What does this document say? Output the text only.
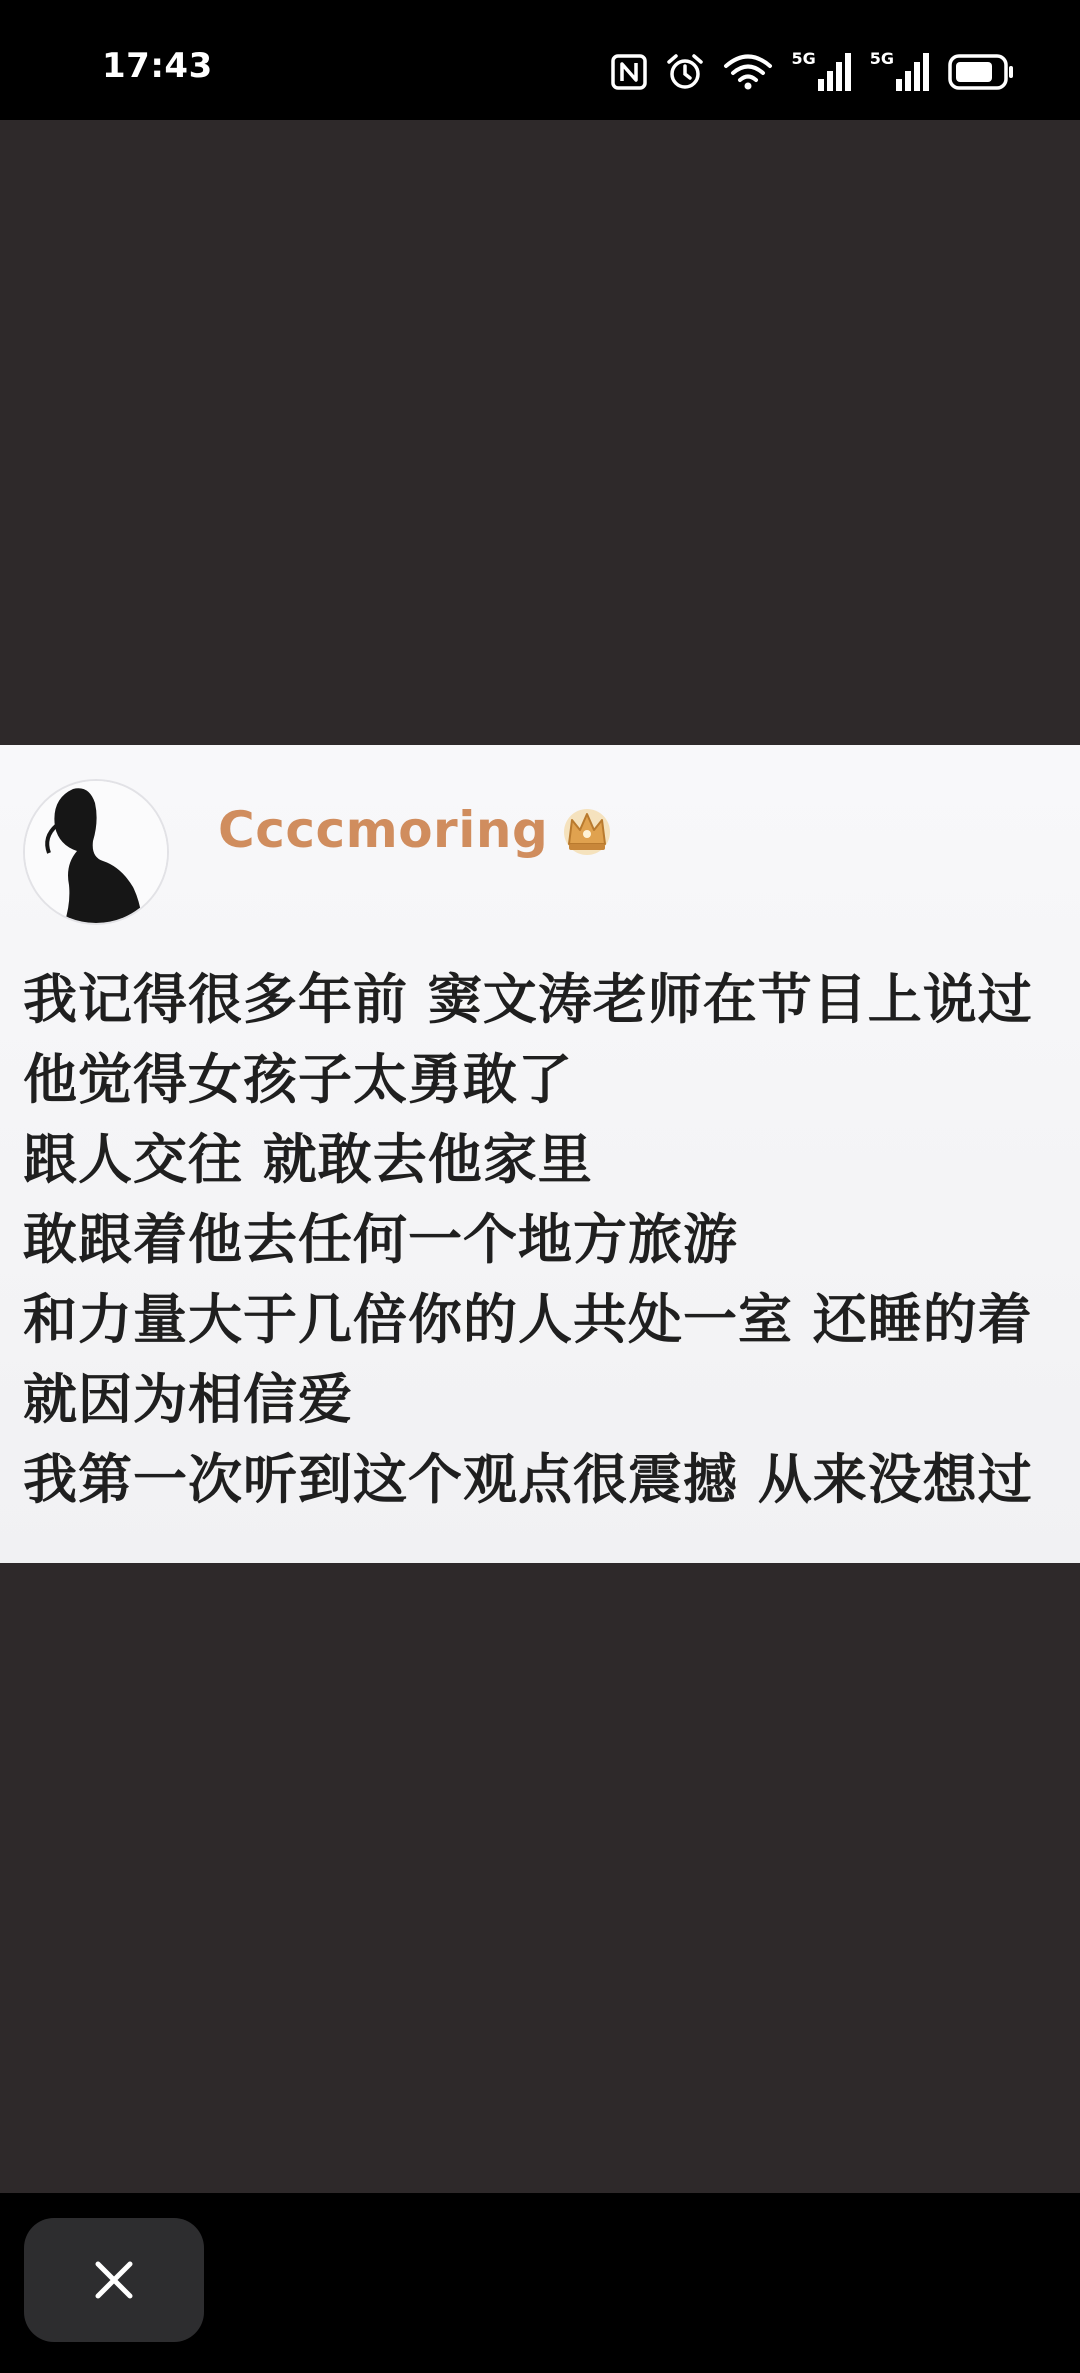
17:43	5G	5G
Ccccmoring
我记得很多年前 窦文涛老师在节目上说过
他觉得女孩子太勇敢了
跟人交往 就敢去他家里
敢跟着他去任何一个地方旅游
和力量大于几倍你的人共处一室 还睡的着
就因为相信爱
我第一次听到这个观点很震撼 从来没想过
